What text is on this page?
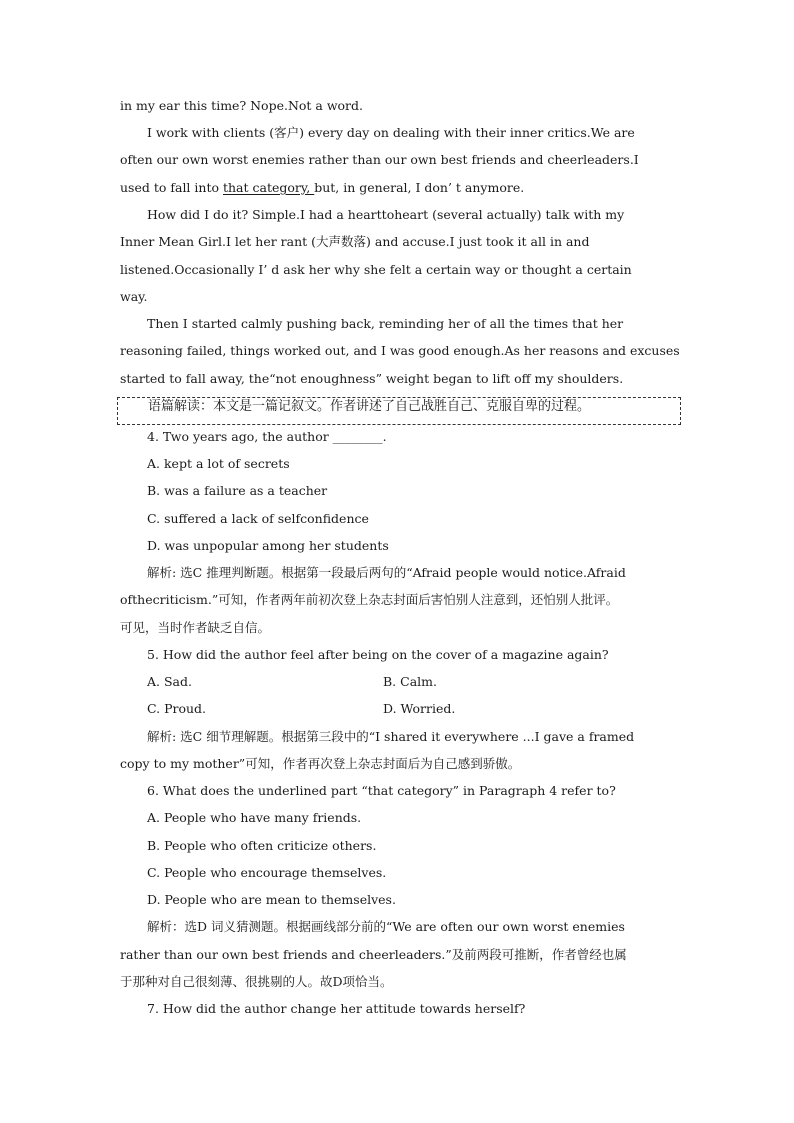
in my ear this time? Nope.Not a word.
I work with clients (客户) every day on dealing with their inner critics.We are
often our own worst enemies rather than our own best friends and cheerleaders.I
used to fall into that category, but, in general, I don’ t anymore.
How did I do it? Simple.I had a hearttoheart (several actually) talk with my
Inner Mean Girl.I let her rant (大声数落) and accuse.I just took it all in and
listened.Occasionally I’ d ask her why she felt a certain way or thought a certain
way.
Then I started calmly pushing back, reminding her of all the times that her
reasoning failed, things worked out, and I was good enough.As her reasons and excuses
started to fall away, the“not enoughness” weight began to lift off my shoulders.
语篇解读：本文是一篇记叙文。作者讲述了自己战胜自己、克服自卑的过程。
4. Two years ago, the author ________.
A. kept a lot of secrets
B. was a failure as a teacher
C. suffered a lack of selfconfidence
D. was unpopular among her students
解析: 选C 推理判断题。根据第一段最后两句的“Afraid people would notice.Afraid
ofthecriticism.”可知，作者两年前初次登上杂志封面后害怕别人注意到，还怕别人批评。
可见，当时作者缺乏自信。
5. How did the author feel after being on the cover of a magazine again?
A. Sad.	B. Calm.
C. Proud.	D. Worried.
解析: 选C 细节理解题。根据第三段中的“I shared it everywhere ...I gave a framed
copy to my mother”可知，作者再次登上杂志封面后为自己感到骄傲。
6. What does the underlined part “that category” in Paragraph 4 refer to?
A. People who have many friends.
B. People who often criticize others.
C. People who encourage themselves.
D. People who are mean to themselves.
解析：选D 词义猜测题。根据画线部分前的“We are often our own worst enemies
rather than our own best friends and cheerleaders.”及前两段可推断，作者曾经也属
于那种对自己很刻薄、很挑剔的人。故D项恰当。
7. How did the author change her attitude towards herself?
